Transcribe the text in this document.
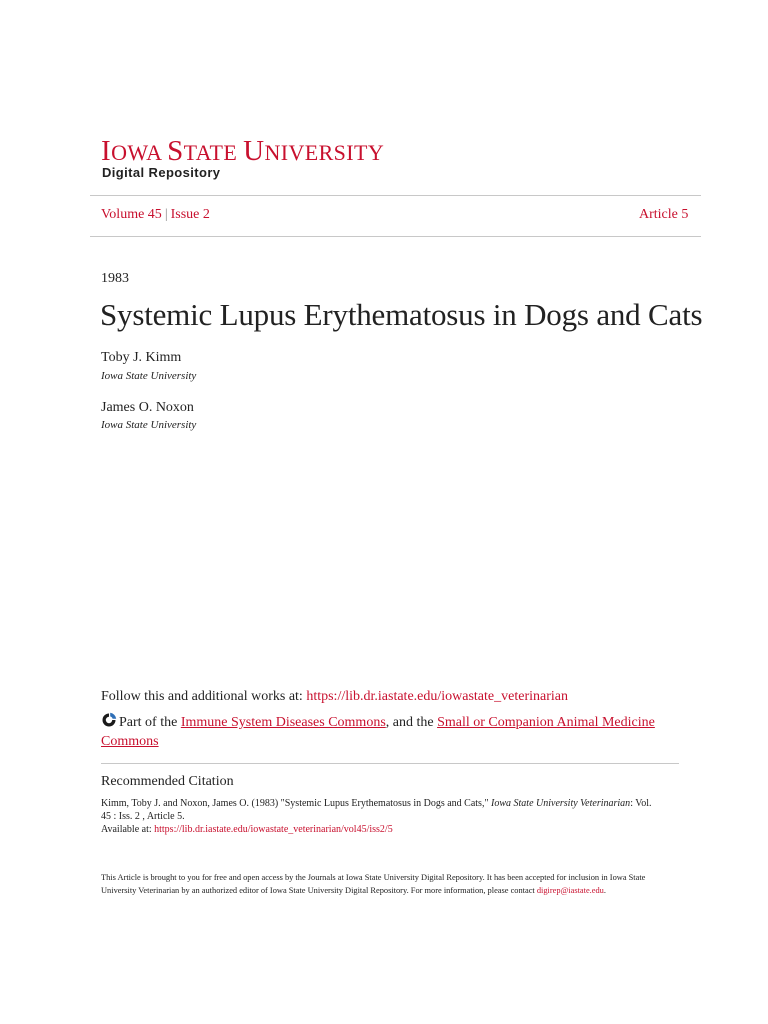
IOWA STATE UNIVERSITY
Digital Repository
Volume 45 | Issue 2	Article 5
1983
Systemic Lupus Erythematosus in Dogs and Cats
Toby J. Kimm
Iowa State University
James O. Noxon
Iowa State University
Follow this and additional works at: https://lib.dr.iastate.edu/iowastate_veterinarian
Part of the Immune System Diseases Commons, and the Small or Companion Animal Medicine
Commons
Recommended Citation
Kimm, Toby J. and Noxon, James O. (1983) "Systemic Lupus Erythematosus in Dogs and Cats," Iowa State University Veterinarian: Vol.
45 : Iss. 2 , Article 5.
Available at: https://lib.dr.iastate.edu/iowastate_veterinarian/vol45/iss2/5
This Article is brought to you for free and open access by the Journals at Iowa State University Digital Repository. It has been accepted for inclusion in Iowa State University Veterinarian by an authorized editor of Iowa State University Digital Repository. For more information, please contact digirep@iastate.edu.
